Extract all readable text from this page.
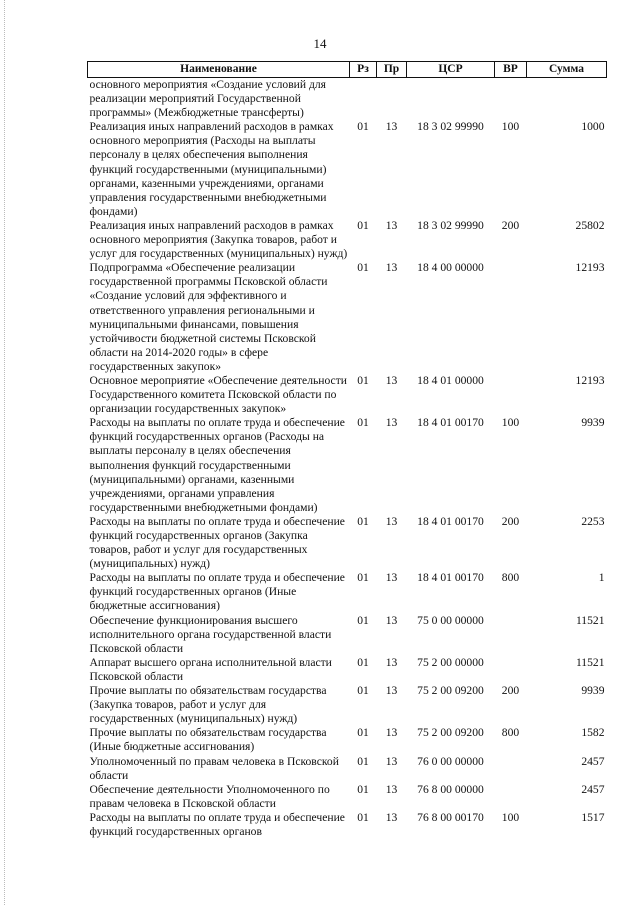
14
Наименование	Рз	Пр	ЦСР	ВР	Сумма
основного мероприятия «Создание условий для реализации мероприятий Государственной программы» (Межбюджетные трансферты)					
Реализация иных направлений расходов в рамках основного мероприятия (Расходы на выплаты персоналу в целях обеспечения выполнения функций государственными (муниципальными) органами, казенными учреждениями, органами управления государственными внебюджетными фондами)	01	13	18 3 02 99990	100	1000
Реализация иных направлений расходов в рамках основного мероприятия (Закупка товаров, работ и услуг для государственных (муниципальных) нужд)	01	13	18 3 02 99990	200	25802
Подпрограмма «Обеспечение реализации государственной программы Псковской области «Создание условий для эффективного и ответственного управления региональными и муниципальными финансами, повышения устойчивости бюджетной системы Псковской области на 2014-2020 годы» в сфере государственных закупок»	01	13	18 4 00 00000		12193
Основное мероприятие «Обеспечение деятельности Государственного комитета Псковской области по организации государственных закупок»	01	13	18 4 01 00000		12193
Расходы на выплаты по оплате труда и обеспечение функций государственных органов (Расходы на выплаты персоналу в целях обеспечения выполнения функций государственными (муниципальными) органами, казенными учреждениями, органами управления государственными внебюджетными фондами)	01	13	18 4 01 00170	100	9939
Расходы на выплаты по оплате труда и обеспечение функций государственных органов (Закупка товаров, работ и услуг для государственных (муниципальных) нужд)	01	13	18 4 01 00170	200	2253
Расходы на выплаты по оплате труда и обеспечение функций государственных органов (Иные бюджетные ассигнования)	01	13	18 4 01 00170	800	1
Обеспечение функционирования высшего исполнительного органа государственной власти Псковской области	01	13	75 0 00 00000		11521
Аппарат высшего органа исполнительной власти Псковской области	01	13	75 2 00 00000		11521
Прочие выплаты по обязательствам государства (Закупка товаров, работ и услуг для государственных (муниципальных) нужд)	01	13	75 2 00 09200	200	9939
Прочие выплаты по обязательствам государства (Иные бюджетные ассигнования)	01	13	75 2 00 09200	800	1582
Уполномоченный по правам человека в Псковской области	01	13	76 0 00 00000		2457
Обеспечение деятельности Уполномоченного по правам человека в Псковской области	01	13	76 8 00 00000		2457
Расходы на выплаты по оплате труда и обеспечение функций государственных органов	01	13	76 8 00 00170	100	1517
